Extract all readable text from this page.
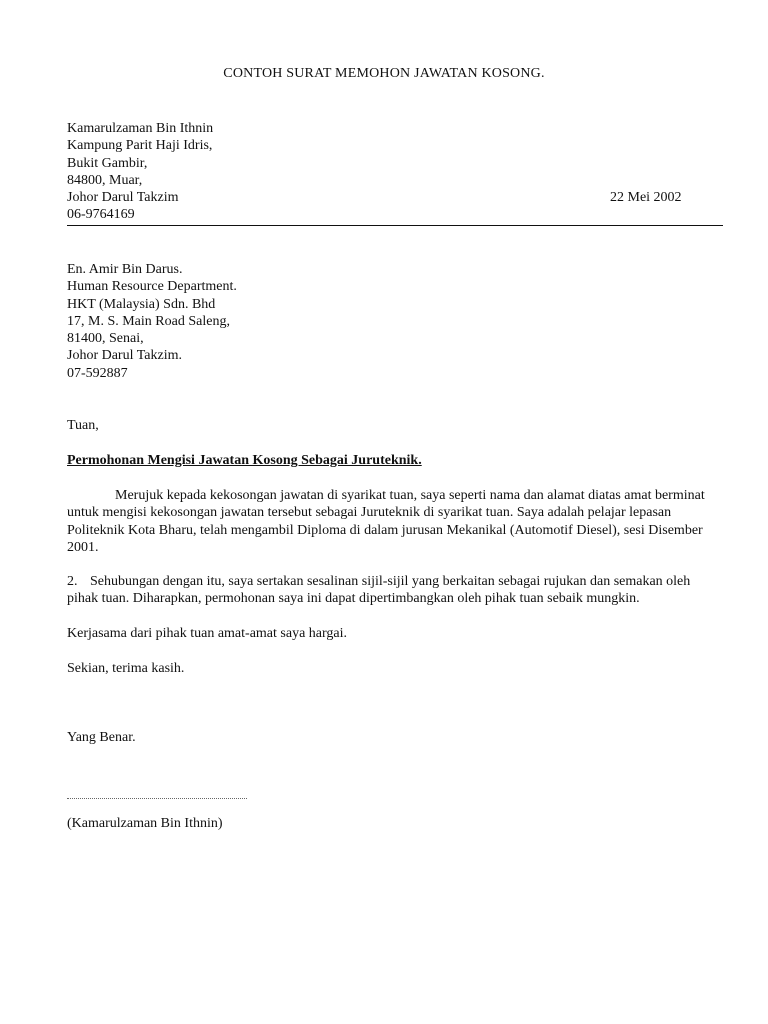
CONTOH SURAT MEMOHON JAWATAN KOSONG.
Kamarulzaman Bin Ithnin
Kampung Parit Haji Idris,
Bukit Gambir,
84800, Muar,
Johor Darul Takzim
06-9764169
22 Mei 2002
En. Amir Bin Darus.
Human Resource Department.
HKT (Malaysia) Sdn. Bhd
17, M. S. Main Road Saleng,
81400, Senai,
Johor Darul Takzim.
07-592887
Tuan,
Permohonan Mengisi Jawatan Kosong Sebagai Juruteknik.
Merujuk kepada kekosongan jawatan di syarikat tuan, saya seperti nama dan alamat diatas amat berminat untuk mengisi kekosongan jawatan tersebut sebagai Juruteknik di syarikat tuan. Saya adalah pelajar lepasan Politeknik Kota Bharu, telah mengambil Diploma di dalam jurusan Mekanikal (Automotif Diesel), sesi Disember 2001.
2. Sehubungan dengan itu, saya sertakan sesalinan sijil-sijil yang berkaitan sebagai rujukan dan semakan oleh pihak tuan. Diharapkan, permohonan saya ini dapat dipertimbangkan oleh pihak tuan sebaik mungkin.
Kerjasama dari pihak tuan amat-amat saya hargai.
Sekian, terima kasih.
Yang Benar.
(Kamarulzaman Bin Ithnin)
